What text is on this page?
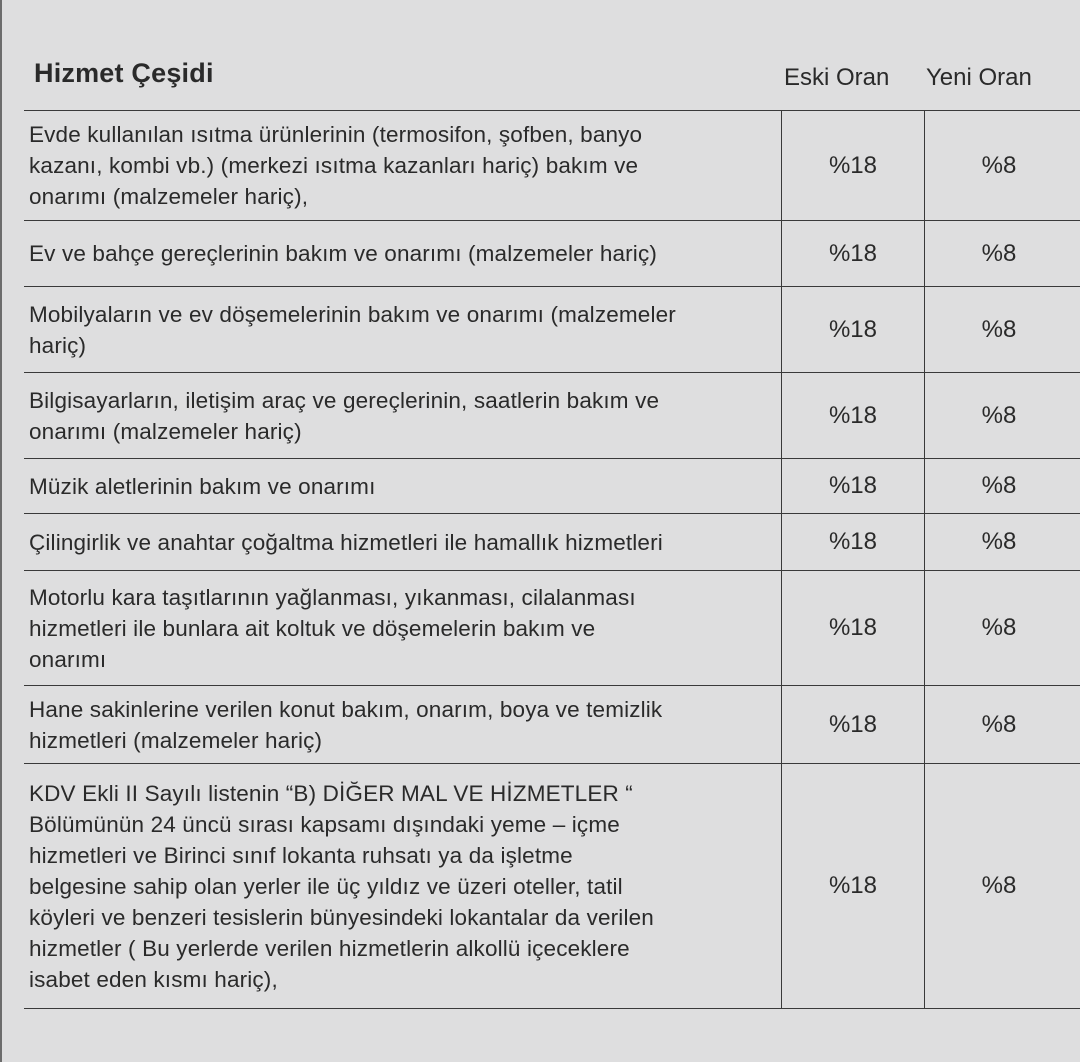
Hizmet Çeşidi	Eski Oran Yeni Oran
Evde kullanılan ısıtma ürünlerinin (termosifon, şofben, banyo
kazanı, kombi vb.) (merkezi ısıtma kazanları hariç) bakım ve
onarımı (malzemeler hariç),
%18	%8
Ev ve bahçe gereçlerinin bakım ve onarımı (malzemeler hariç)	%18	%8
Mobilyaların ve ev döşemelerinin bakım ve onarımı (malzemeler
hariç)
%18	%8
Bilgisayarların, iletişim araç ve gereçlerinin, saatlerin bakım ve
onarımı (malzemeler hariç)
%18	%8
Müzik aletlerinin bakım ve onarımı	%18	%8
Çilingirlik ve anahtar çoğaltma hizmetleri ile hamallık hizmetleri	%18	%8
Motorlu kara taşıtlarının yağlanması, yıkanması, cilalanması
hizmetleri ile bunlara ait koltuk ve döşemelerin bakım ve
onarımı
%18	%8
Hane sakinlerine verilen konut bakım, onarım, boya ve temizlik
hizmetleri (malzemeler hariç)
%18	%8
KDV Ekli II Sayılı listenin “B) DİĞER MAL VE HİZMETLER “
Bölümünün 24 üncü sırası kapsamı dışındaki yeme – içme
hizmetleri ve Birinci sınıf lokanta ruhsatı ya da işletme
belgesine sahip olan yerler ile üç yıldız ve üzeri oteller, tatil
köyleri ve benzeri tesislerin bünyesindeki lokantalar da verilen
hizmetler ( Bu yerlerde verilen hizmetlerin alkollü içeceklere
isabet eden kısmı hariç),
%18	%8
